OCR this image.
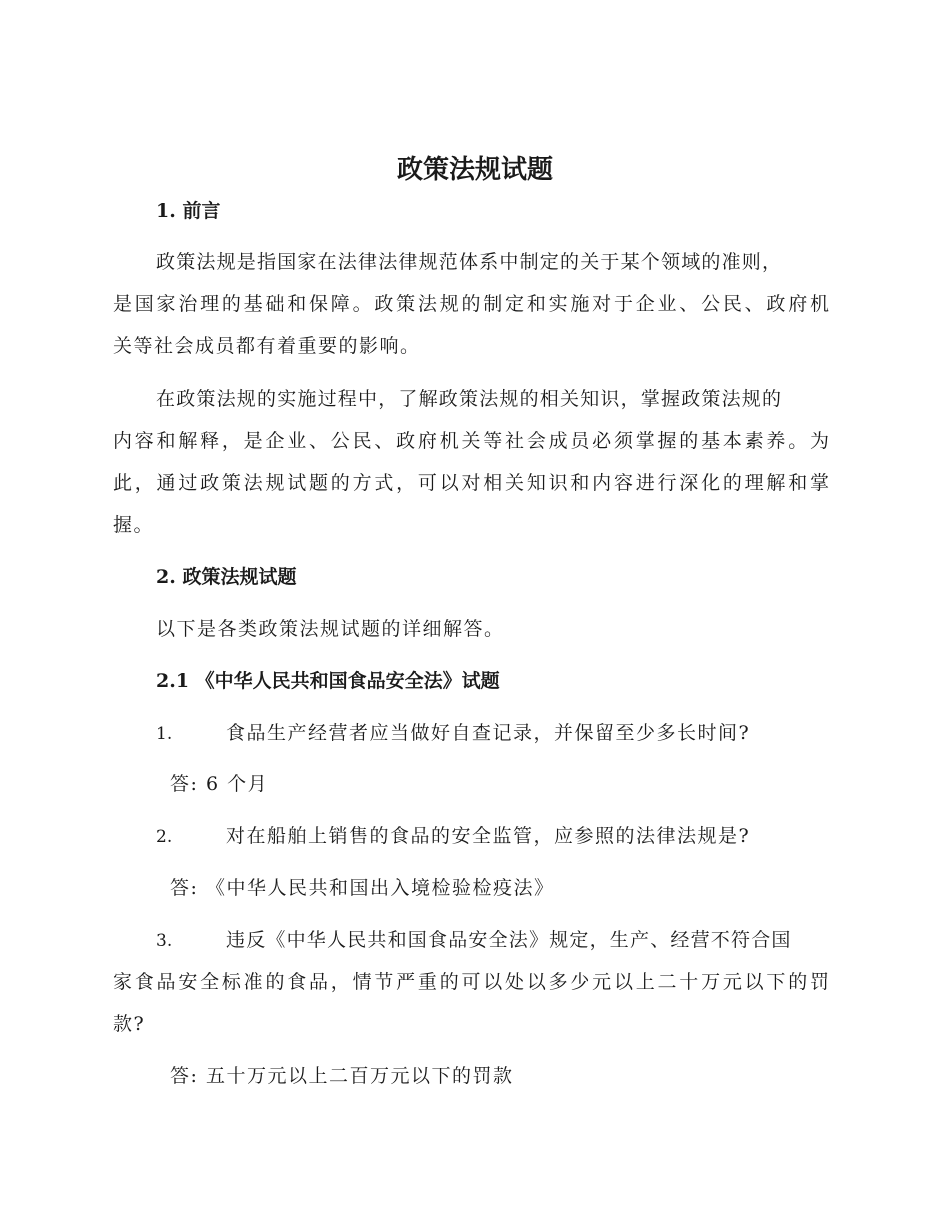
政策法规试题
1. 前言
政策法规是指国家在法律法律规范体系中制定的关于某个领域的准则，
是国家治理的基础和保障。政策法规的制定和实施对于企业、公民、政府机
关等社会成员都有着重要的影响。
在政策法规的实施过程中，了解政策法规的相关知识，掌握政策法规的
内容和解释，是企业、公民、政府机关等社会成员必须掌握的基本素养。为
此，通过政策法规试题的方式，可以对相关知识和内容进行深化的理解和掌
握。
2. 政策法规试题
以下是各类政策法规试题的详细解答。
2.1 《中华人民共和国食品安全法》试题
1.	食品生产经营者应当做好自查记录，并保留至少多长时间?
答: 6 个月
2.	对在船舶上销售的食品的安全监管，应参照的法律法规是?
答: 《中华人民共和国出入境检验检疫法》
3.	违反《中华人民共和国食品安全法》规定，生产、经营不符合国
家食品安全标准的食品，情节严重的可以处以多少元以上二十万元以下的罚
款?
答: 五十万元以上二百万元以下的罚款
